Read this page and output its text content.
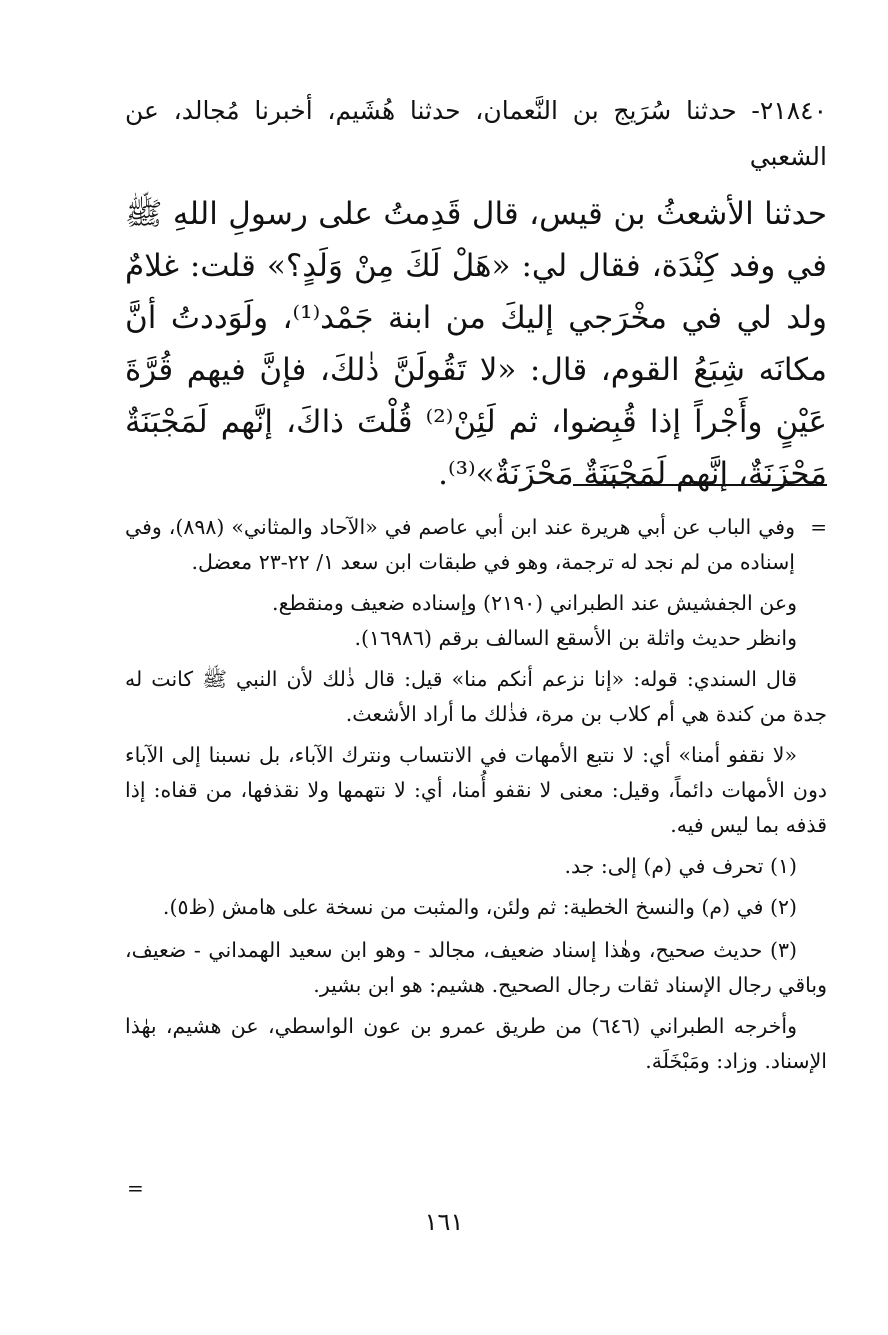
٢١٨٤٠- حدثنا سُرَيج بن النَّعمان، حدثنا هُشَيم، أخبرنا مُجالد، عن الشعبي
حدثنا الأشعثُ بن قيس، قال قَدِمتُ على رسولِ اللهِ ﷺ في وفد كِنْدَة، فقال لي: «هَلْ لَكَ مِنْ وَلَدٍ؟» قلت: غلامٌ ولد لي في مخْرَجي إليكَ من ابنة جَمْد⁽¹⁾، ولَوَددتُ أنَّ مكانَه شِبَعُ القوم، قال: «لا تَقُولَنَّ ذٰلكَ، فإنَّ فيهم قُرَّةَ عَيْنٍ وأَجْراً إذا قُبِضوا، ثم لَئِنْ⁽²⁾ قُلْتَ ذاكَ، إنَّهم لَمَجْبَنَةٌ مَحْزَنَةٌ، إنَّهم لَمَجْبَنَةٌ مَحْزَنَةٌ»⁽³⁾.

=
وفي الباب عن أبي هريرة عند ابن أبي عاصم في «الآحاد والمثاني» (٨٩٨)، وفي إسناده من لم نجد له ترجمة، وهو في طبقات ابن سعد ١/ ٢٢-٢٣ معضل.

وعن الجفشيش عند الطبراني (٢١٩٠) وإسناده ضعيف ومنقطع.

وانظر حديث واثلة بن الأسقع السالف برقم (١٦٩٨٦).

قال السندي: قوله: «إنا نزعم أنكم منا» قيل: قال ذٰلك لأن النبي ﷺ كانت له جدة من كندة هي أم كلاب بن مرة، فذٰلك ما أراد الأشعث.

«لا نقفو أمنا» أي: لا نتبع الأمهات في الانتساب ونترك الآباء، بل نسبنا إلى الآباء دون الأمهات دائماً، وقيل: معنى لا نقفو أُمنا، أي: لا نتهمها ولا نقذفها، من قفاه: إذا قذفه بما ليس فيه.

(١) تحرف في (م) إلى: جد.

(٢) في (م) والنسخ الخطية: ثم ولئن، والمثبت من نسخة على هامش (ظ٥).

(٣) حديث صحيح، وهٰذا إسناد ضعيف، مجالد - وهو ابن سعيد الهمداني - ضعيف، وباقي رجال الإسناد ثقات رجال الصحيح. هشيم: هو ابن بشير.

وأخرجه الطبراني (٦٤٦) من طريق عمرو بن عون الواسطي، عن هشيم، بهٰذا الإسناد. وزاد: ومَبْخَلَة.

=
١٦١
